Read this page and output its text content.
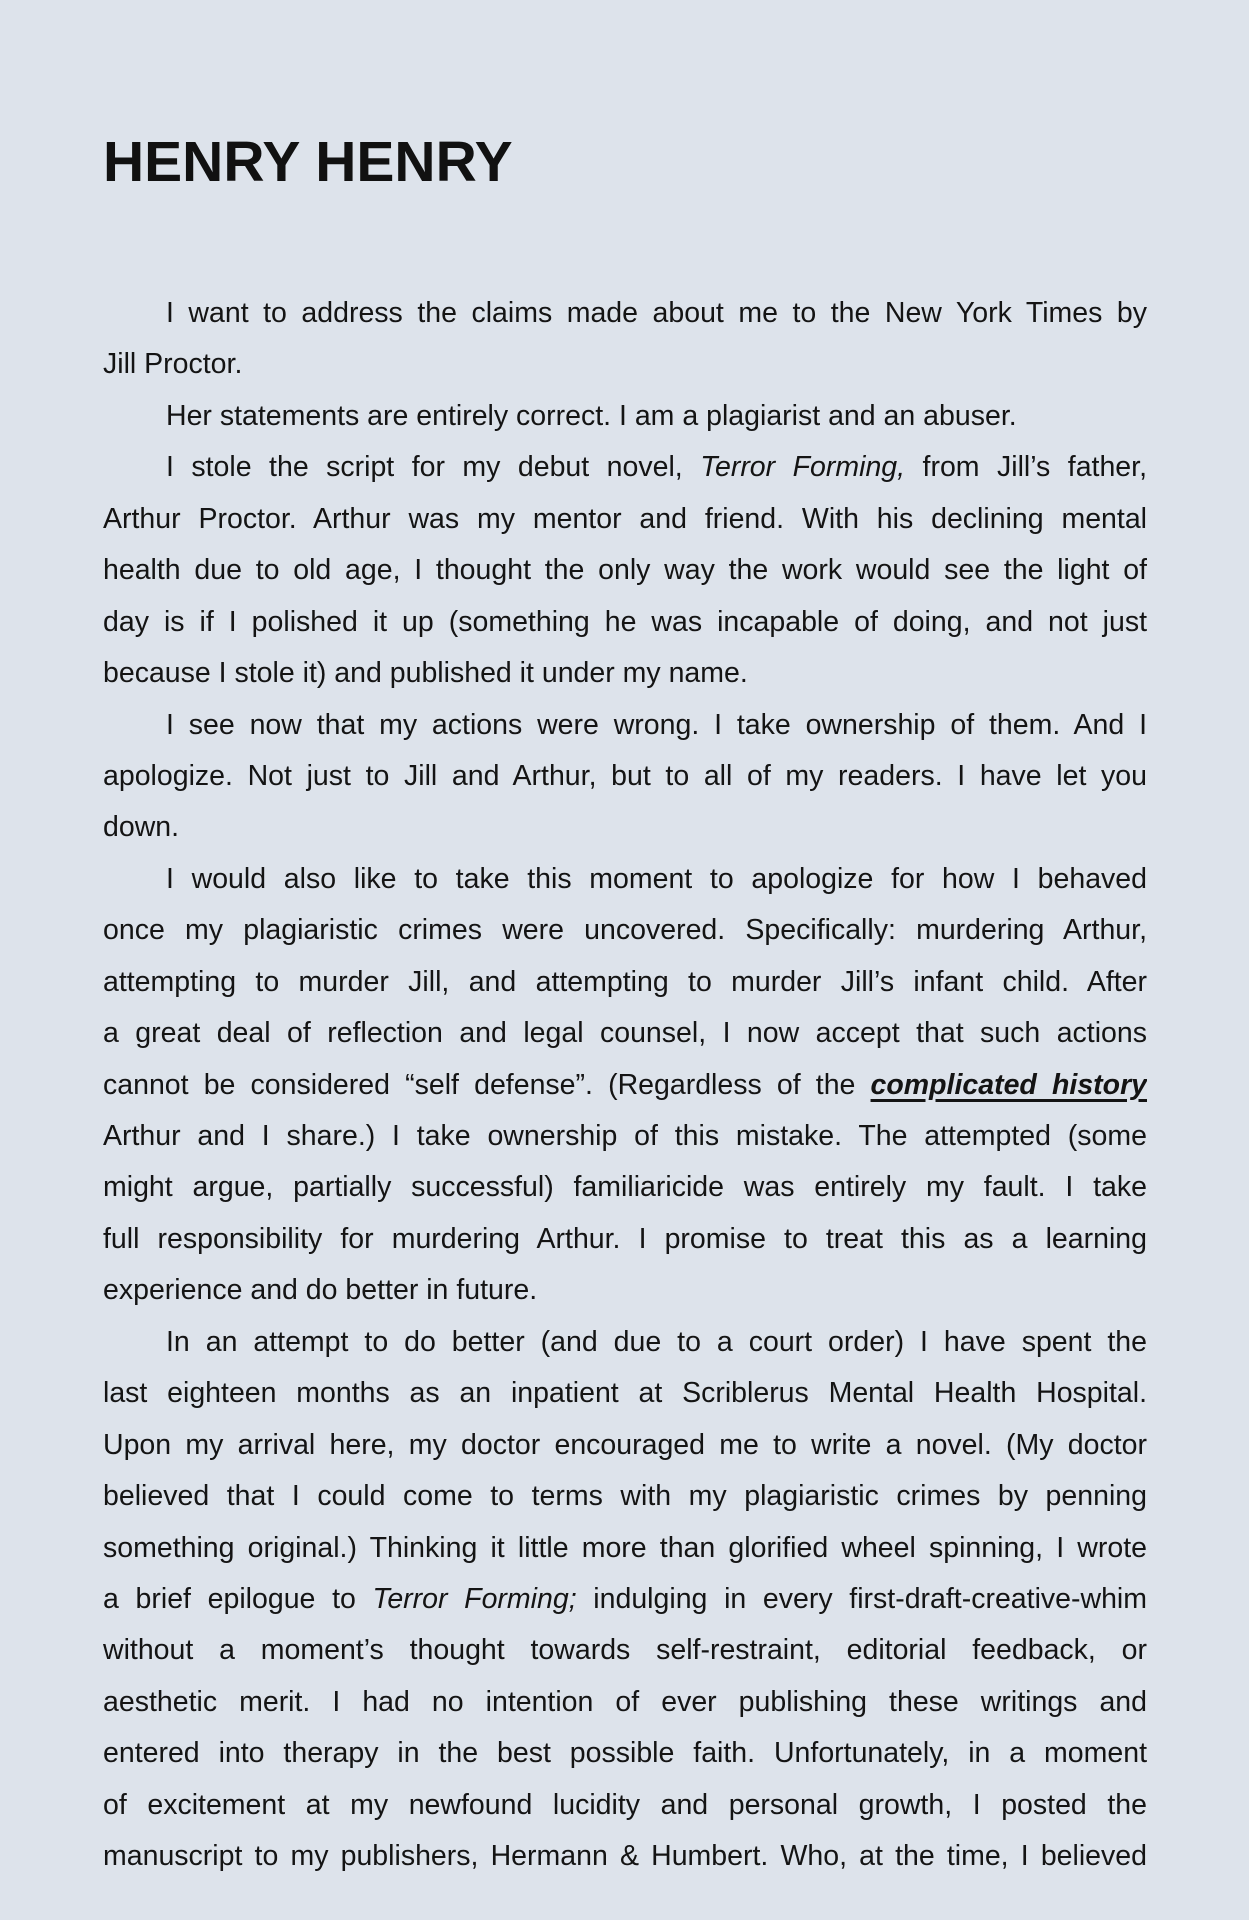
HENRY HENRY
I want to address the claims made about me to the New York Times by
Jill Proctor.
Her statements are entirely correct. I am a plagiarist and an abuser.
I stole the script for my debut novel, Terror Forming, from Jill’s father,
Arthur Proctor. Arthur was my mentor and friend. With his declining mental
health due to old age, I thought the only way the work would see the light of
day is if I polished it up (something he was incapable of doing, and not just
because I stole it) and published it under my name.
I see now that my actions were wrong. I take ownership of them. And I
apologize. Not just to Jill and Arthur, but to all of my readers. I have let you
down.
I would also like to take this moment to apologize for how I behaved
once my plagiaristic crimes were uncovered. Specifically: murdering Arthur,
attempting to murder Jill, and attempting to murder Jill’s infant child. After
a great deal of reflection and legal counsel, I now accept that such actions
cannot be considered “self defense”. (Regardless of the complicated history
Arthur and I share.) I take ownership of this mistake. The attempted (some
might argue, partially successful) familiaricide was entirely my fault. I take
full responsibility for murdering Arthur. I promise to treat this as a learning
experience and do better in future.
In an attempt to do better (and due to a court order) I have spent the
last eighteen months as an inpatient at Scriblerus Mental Health Hospital.
Upon my arrival here, my doctor encouraged me to write a novel. (My doctor
believed that I could come to terms with my plagiaristic crimes by penning
something original.) Thinking it little more than glorified wheel spinning, I wrote
a brief epilogue to Terror Forming; indulging in every first-draft-creative-whim
without a moment’s thought towards self-restraint, editorial feedback, or
aesthetic merit. I had no intention of ever publishing these writings and
entered into therapy in the best possible faith. Unfortunately, in a moment
of excitement at my newfound lucidity and personal growth, I posted the
manuscript to my publishers, Hermann & Humbert. Who, at the time, I believed
